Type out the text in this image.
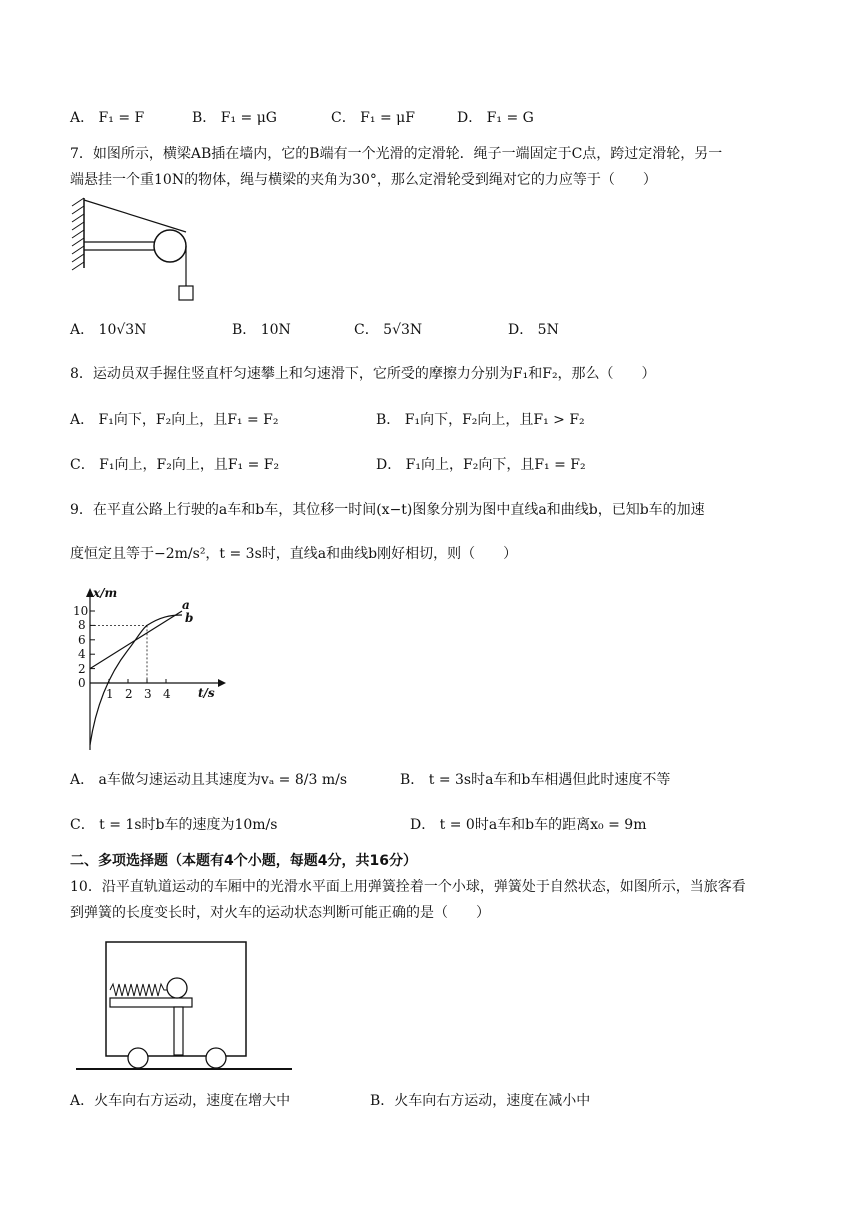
A． F₁ = F	B． F₁ = μG	C． F₁ = μF	D． F₁ = G
7．如图所示，横梁AB插在墙内，它的B端有一个光滑的定滑轮．绳子一端固定于C点，跨过定滑轮，另一
端悬挂一个重10N的物体，绳与横梁的夹角为30°，那么定滑轮受到绳对它的力应等于（　　）
A． 10√3N	B． 10N	C． 5√3N	D． 5N
8．运动员双手握住竖直杆匀速攀上和匀速滑下，它所受的摩擦力分别为F₁和F₂，那么（　　）
A． F₁向下，F₂向上，且F₁ = F₂	B． F₁向下，F₂向上，且F₁ > F₂
C． F₁向上，F₂向上，且F₁ = F₂	D． F₁向上，F₂向下，且F₁ = F₂
9．在平直公路上行驶的a车和b车，其位移一时间(x−t)图象分别为图中直线a和曲线b，已知b车的加速
度恒定且等于−2m/s²，t = 3s时，直线a和曲线b刚好相切，则（　　）
10
8
6
4
2
0
1 2 3 4
x/m
t/s
a
b
A． a车做匀速运动且其速度为vₐ = 8/3 m/s	B． t = 3s时a车和b车相遇但此时速度不等
C． t = 1s时b车的速度为10m/s	D． t = 0时a车和b车的距离x₀ = 9m
二、多项选择题（本题有4个小题，每题4分，共16分）
10．沿平直轨道运动的车厢中的光滑水平面上用弹簧拴着一个小球，弹簧处于自然状态，如图所示，当旅客看
到弹簧的长度变长时，对火车的运动状态判断可能正确的是（　　）
A．火车向右方运动，速度在增大中	B．火车向右方运动，速度在减小中
